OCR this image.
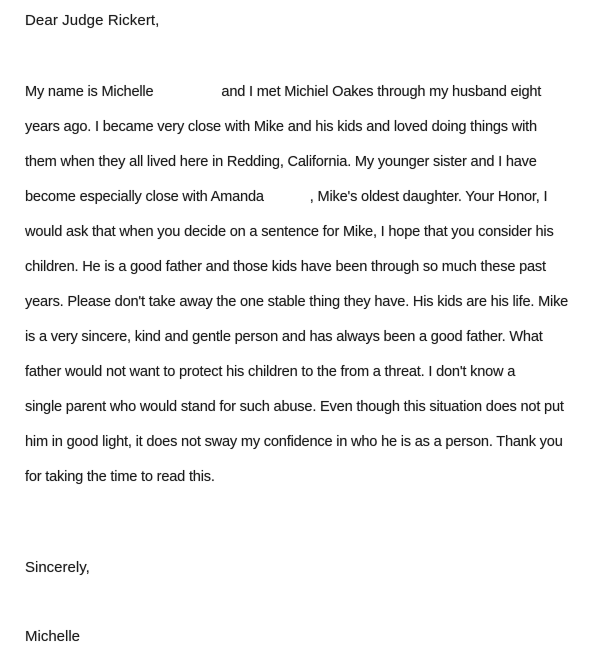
Dear Judge Rickert,
My name is Michelle	and I met Michiel Oakes through my husband eight
years ago. I became very close with Mike and his kids and loved doing things with
them when they all lived here in Redding, California. My younger sister and I have
become especially close with Amanda	, Mike's oldest daughter. Your Honor, I
would ask that when you decide on a sentence for Mike, I hope that you consider his
children. He is a good father and those kids have been through so much these past
years. Please don't take away the one stable thing they have. His kids are his life. Mike
is a very sincere, kind and gentle person and has always been a good father. What
father would not want to protect his children to the from a threat. I don't know a
single parent who would stand for such abuse. Even though this situation does not put
him in good light, it does not sway my confidence in who he is as a person. Thank you
for taking the time to read this.
Sincerely,
Michelle
